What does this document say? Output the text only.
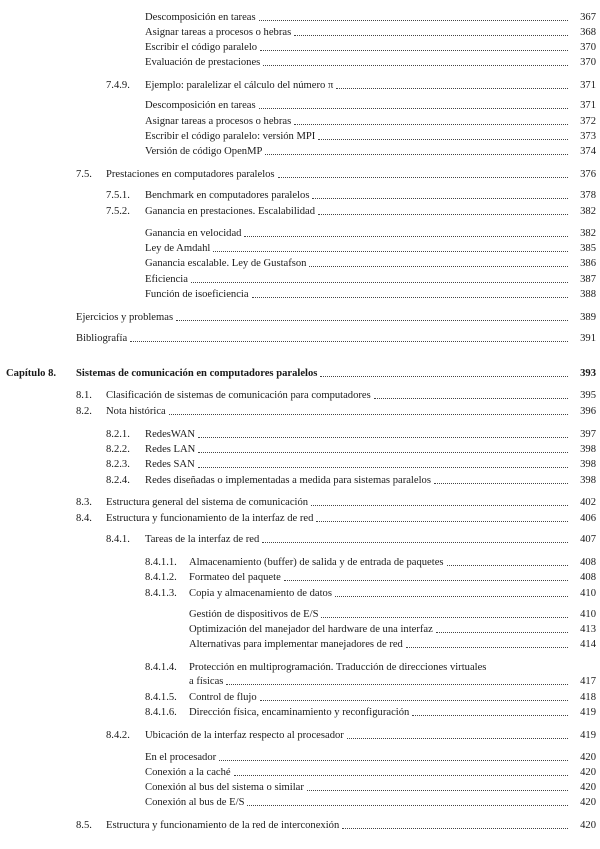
Descomposición en tareas	367
Asignar tareas a procesos o hebras	368
Escribir el código paralelo	370
Evaluación de prestaciones	370
7.4.9. Ejemplo: paralelizar el cálculo del número π	371
Descomposición en tareas	371
Asignar tareas a procesos o hebras	372
Escribir el código paralelo: versión MPI	373
Versión de código OpenMP	374
7.5. Prestaciones en computadores paralelos	376
7.5.1. Benchmark en computadores paralelos	378
7.5.2. Ganancia en prestaciones. Escalabilidad	382
Ganancia en velocidad	382
Ley de Amdahl	385
Ganancia escalable. Ley de Gustafson	386
Eficiencia	387
Función de isoeficiencia	388
Ejercicios y problemas	389
Bibliografía	391
Capítulo 8. Sistemas de comunicación en computadores paralelos	393
8.1. Clasificación de sistemas de comunicación para computadores	395
8.2. Nota histórica	396
8.2.1. RedesWAN	397
8.2.2. Redes LAN	398
8.2.3. Redes SAN	398
8.2.4. Redes diseñadas o implementadas a medida para sistemas paralelos	398
8.3. Estructura general del sistema de comunicación	402
8.4. Estructura y funcionamiento de la interfaz de red	406
8.4.1. Tareas de la interfaz de red	407
8.4.1.1. Almacenamiento (buffer) de salida y de entrada de paquetes	408
8.4.1.2. Formateo del paquete	408
8.4.1.3. Copia y almacenamiento de datos	410
Gestión de dispositivos de E/S	410
Optimización del manejador del hardware de una interfaz	413
Alternativas para implementar manejadores de red	414
8.4.1.4. Protección en multiprogramación. Traducción de direcciones virtuales
a físicas	417
8.4.1.5. Control de flujo	418
8.4.1.6. Dirección física, encaminamiento y reconfiguración	419
8.4.2. Ubicación de la interfaz respecto al procesador	419
En el procesador	420
Conexión a la caché	420
Conexión al bus del sistema o similar	420
Conexión al bus de E/S	420
8.5. Estructura y funcionamiento de la red de interconexión	420
